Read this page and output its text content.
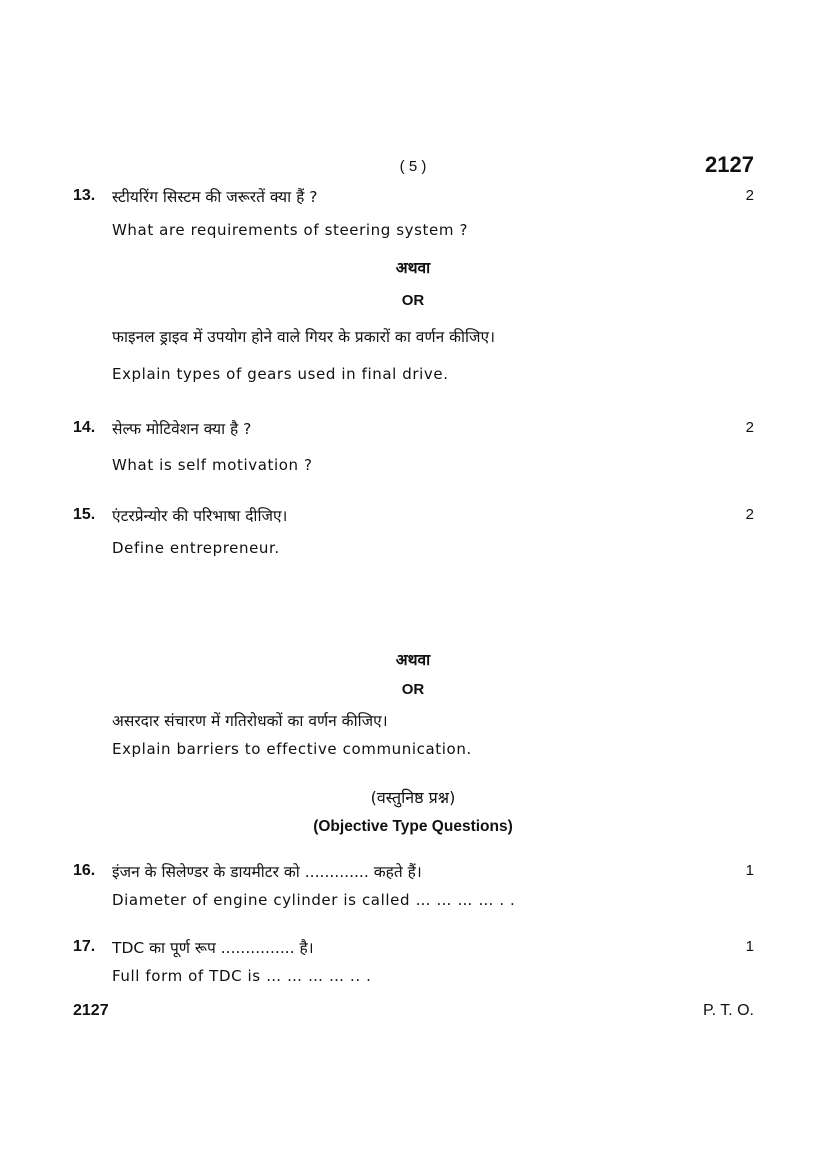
( 5 )	2127
13. स्टीयरिंग सिस्टम की जरूरतें क्या हैं ?	2
What are requirements of steering system ?
अथवा
OR
फाइनल ड्राइव में उपयोग होने वाले गियर के प्रकारों का वर्णन कीजिए।
Explain types of gears used in final drive.
14. सेल्फ मोटिवेशन क्या है ?	2
What is self motivation ?
15. एंटरप्रेन्योर की परिभाषा दीजिए।	2
Define entrepreneur.
अथवा
OR
असरदार संचारण में गतिरोधकों का वर्णन कीजिए।
Explain barriers to effective communication.
(वस्तुनिष्ठ प्रश्न)
(Objective Type Questions)
16. इंजन के सिलेण्डर के डायमीटर को ............. कहते हैं।	1
Diameter of engine cylinder is called … … … … . .
17. TDC का पूर्ण रूप ............... है।	1
Full form of TDC is … … … … .. .
2127	P. T. O.
